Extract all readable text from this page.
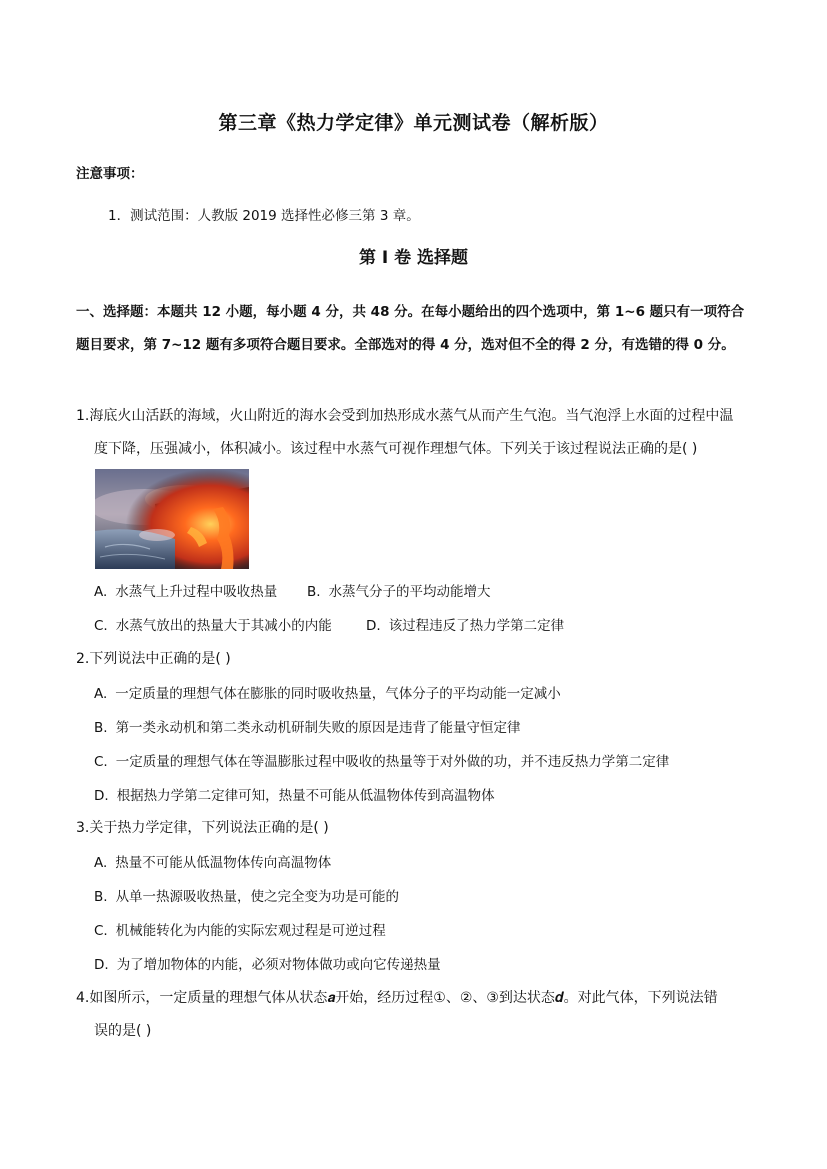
第三章《热力学定律》单元测试卷（解析版）
注意事项：
1．测试范围：人教版 2019 选择性必修三第 3 章。
第 I 卷 选择题
一、选择题：本题共 12 小题，每小题 4 分，共 48 分。在每小题给出的四个选项中，第 1~6 题只有一项符合题目要求，第 7~12 题有多项符合题目要求。全部选对的得 4 分，选对但不全的得 2 分，有选错的得 0 分。
1.海底火山活跃的海域，火山附近的海水会受到加热形成水蒸气从而产生气泡。当气泡浮上水面的过程中温
度下降，压强减小，体积减小。该过程中水蒸气可视作理想气体。下列关于该过程说法正确的是( )
A. 水蒸气上升过程中吸收热量 B. 水蒸气分子的平均动能增大
C. 水蒸气放出的热量大于其减小的内能	D. 该过程违反了热力学第二定律
2.下列说法中正确的是( )
A. 一定质量的理想气体在膨胀的同时吸收热量，气体分子的平均动能一定减小
B. 第一类永动机和第二类永动机研制失败的原因是违背了能量守恒定律
C. 一定质量的理想气体在等温膨胀过程中吸收的热量等于对外做的功，并不违反热力学第二定律
D. 根据热力学第二定律可知，热量不可能从低温物体传到高温物体
3.关于热力学定律，下列说法正确的是( )
A. 热量不可能从低温物体传向高温物体
B. 从单一热源吸收热量，使之完全变为功是可能的
C. 机械能转化为内能的实际宏观过程是可逆过程
D. 为了增加物体的内能，必须对物体做功或向它传递热量
4.如图所示，一定质量的理想气体从状态𝒂开始，经历过程①、②、③到达状态𝒅。对此气体，下列说法错
误的是( )
